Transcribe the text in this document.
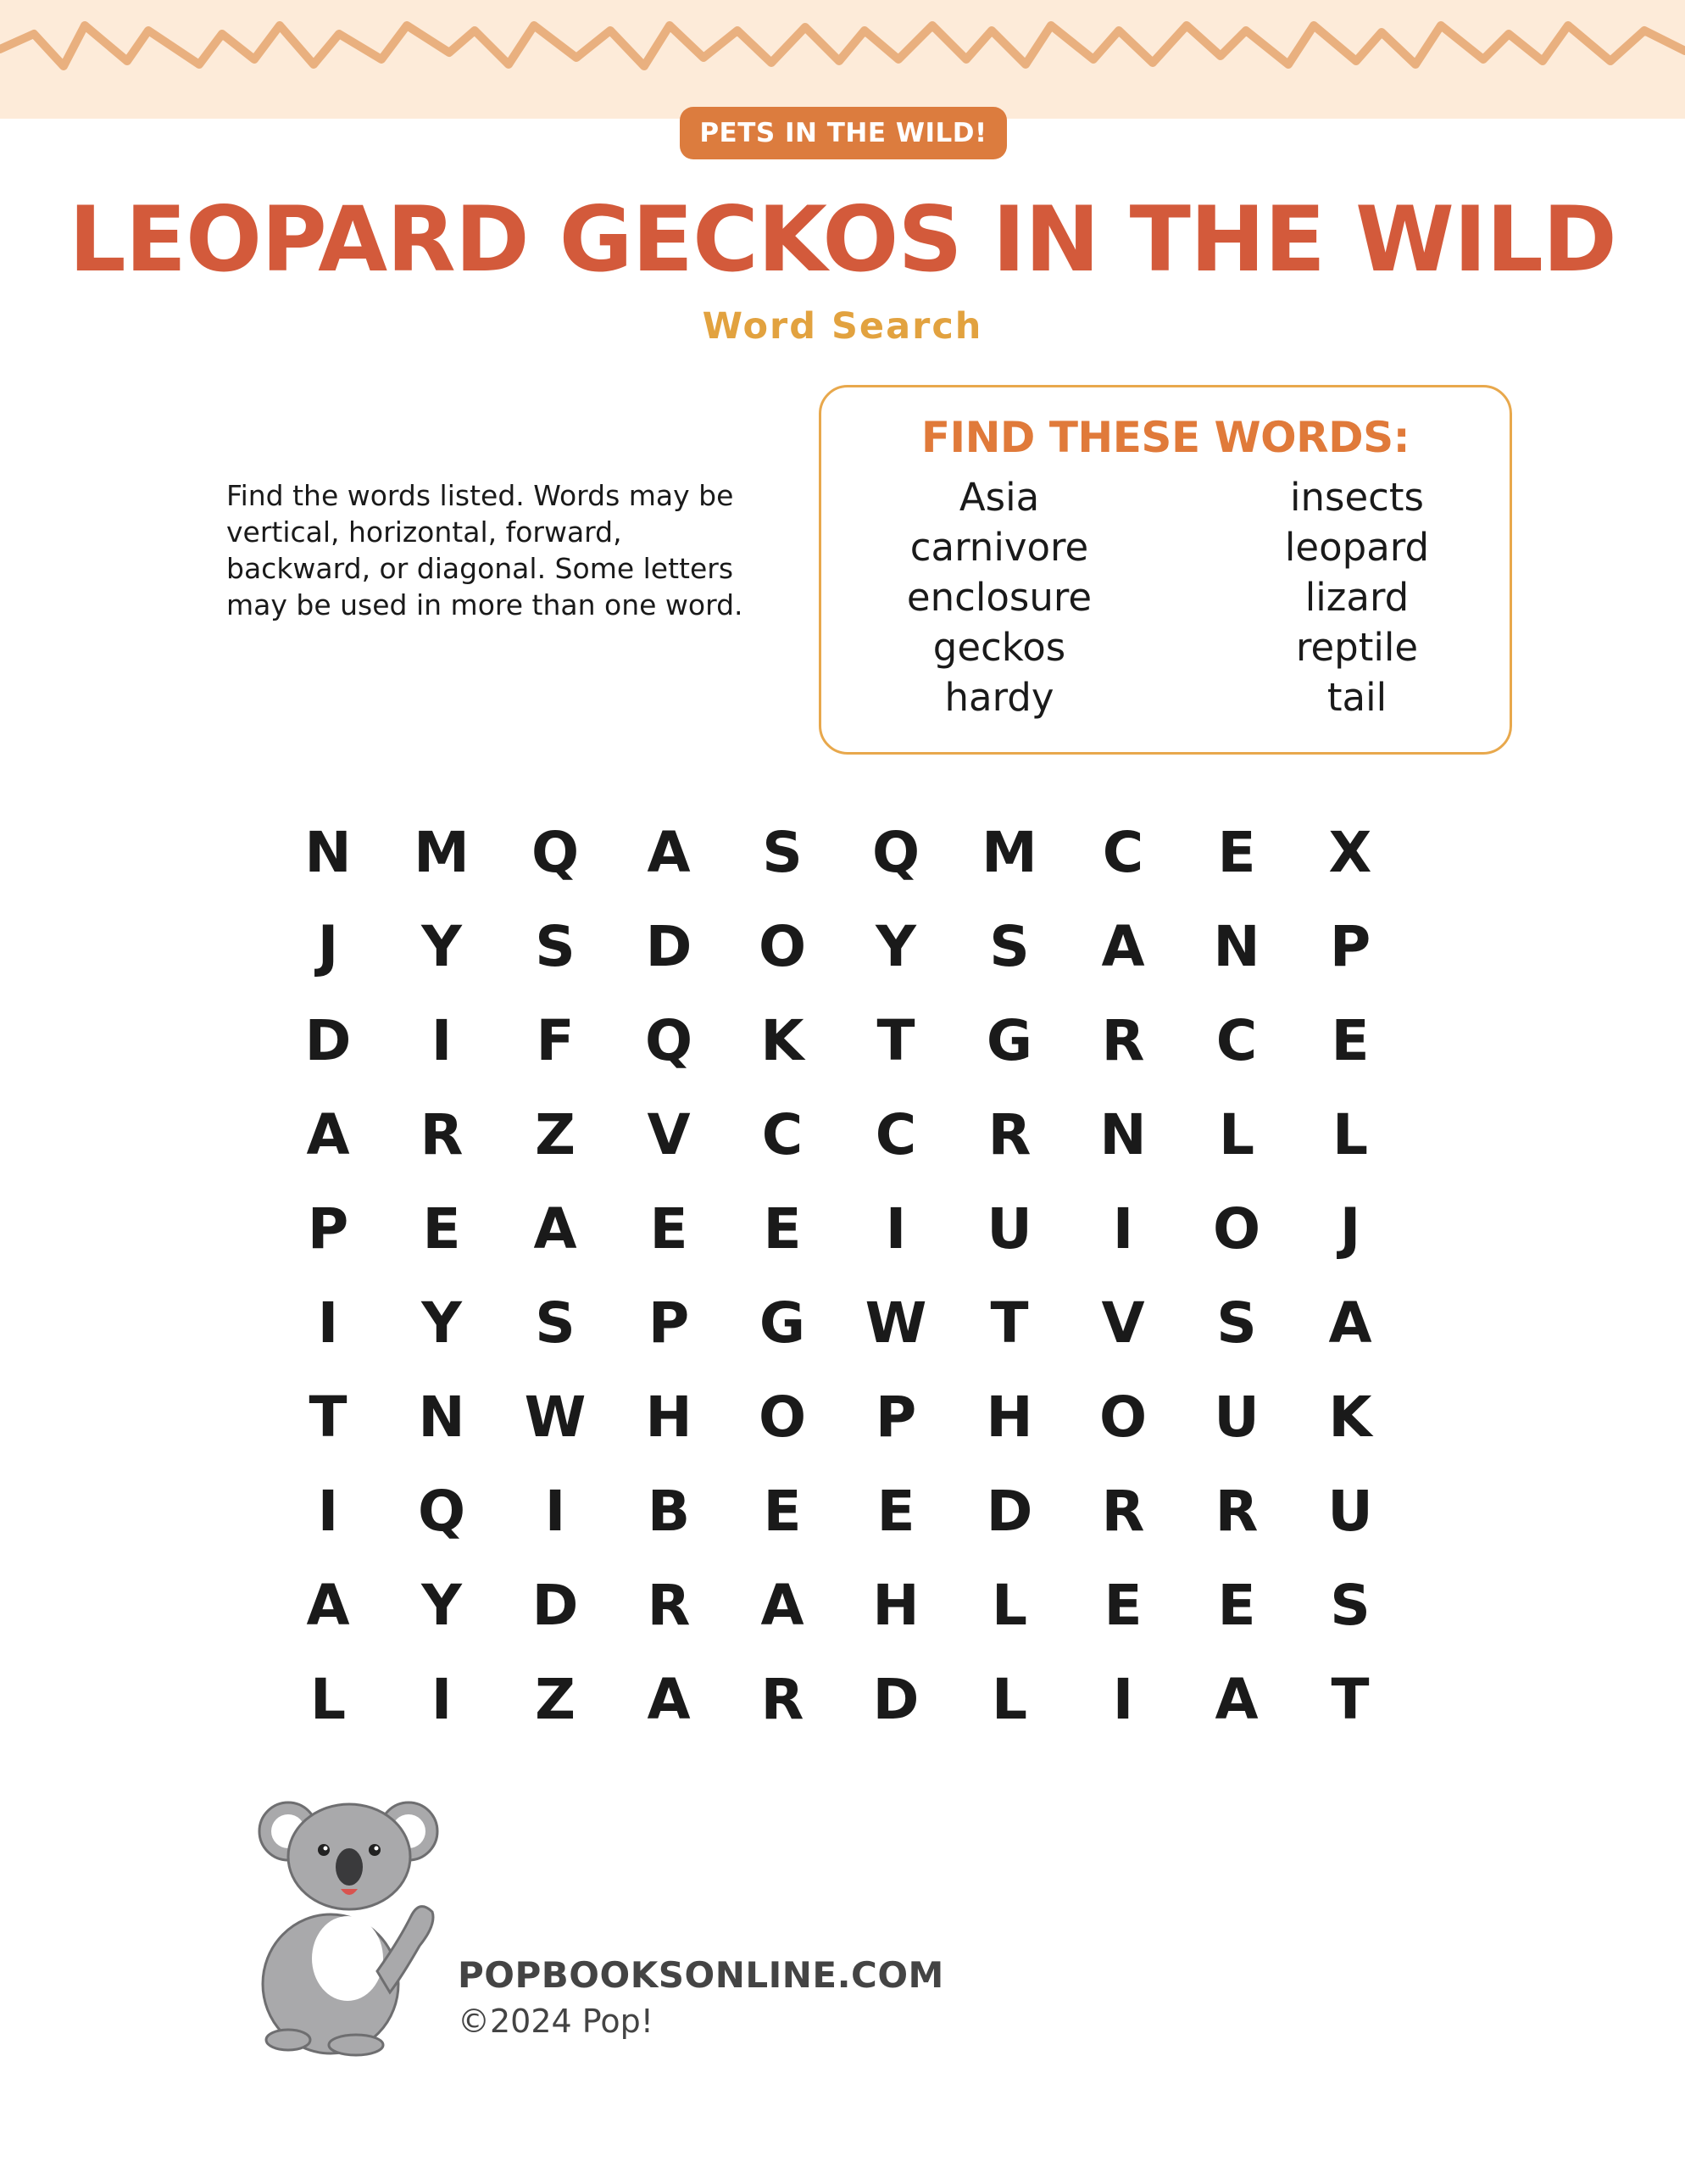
PETS IN THE WILD!
LEOPARD GECKOS IN THE WILD
Word Search
Find the words listed. Words may be vertical, horizontal, forward, backward, or diagonal. Some letters may be used in more than one word.
FIND THESE WORDS:
Asia
carnivore
enclosure
geckos
hardy
insects
leopard
lizard
reptile
tail
N	M	Q	A	S	Q	M	C	E	X
J	Y	S	D	O	Y	S	A	N	P
D	I	F	Q	K	T	G	R	C	E
A	R	Z	V	C	C	R	N	L	L
P	E	A	E	E	I	U	I	O	J
I	Y	S	P	G	W	T	V	S	A
T	N	W	H	O	P	H	O	U	K
I	Q	I	B	E	E	D	R	R	U
A	Y	D	R	A	H	L	E	E	S
L	I	Z	A	R	D	L	I	A	T
POPBOOKSONLINE.COM
©2024 Pop!
